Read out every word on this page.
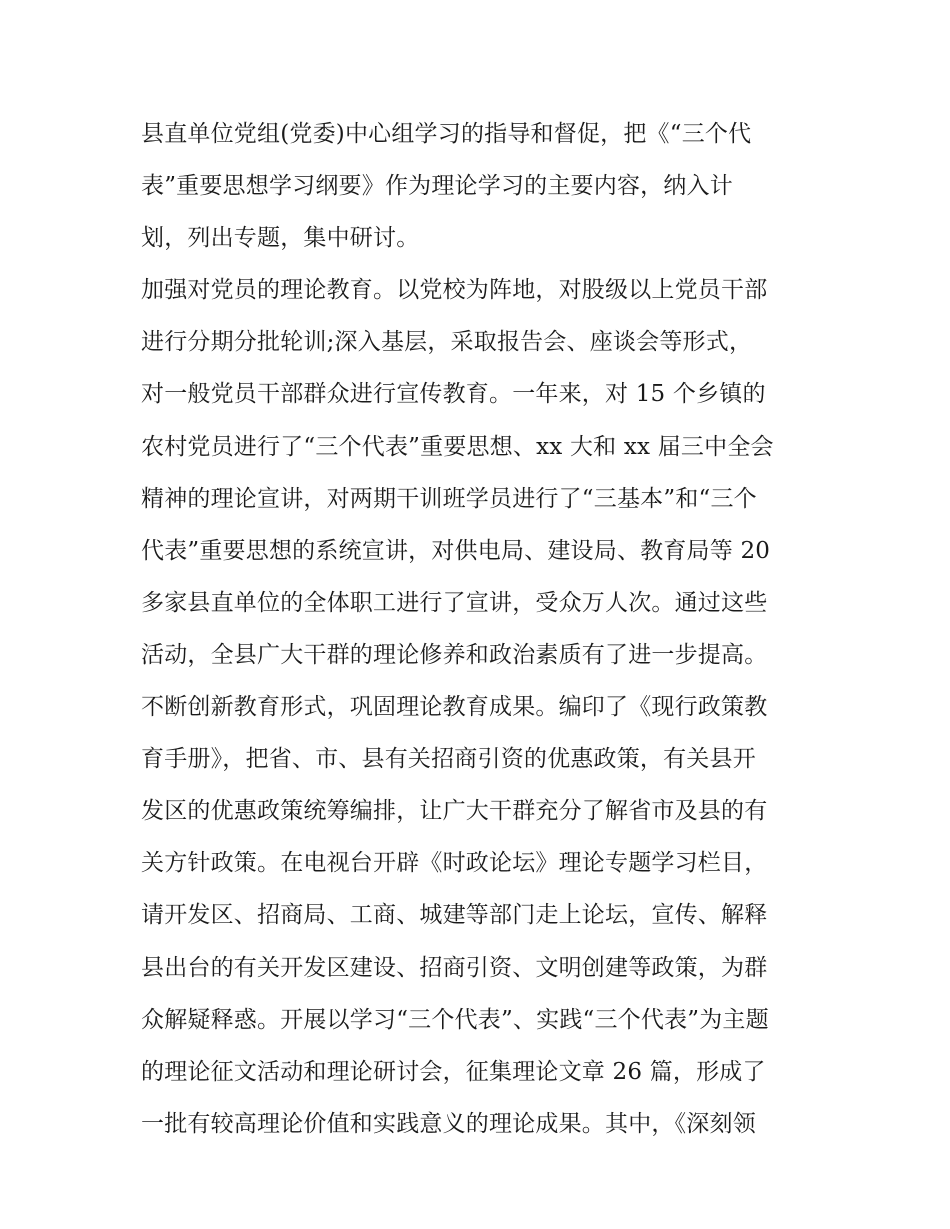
县直单位党组(党委)中心组学习的指导和督促，把《“三个代
表”重要思想学习纲要》作为理论学习的主要内容，纳入计
划，列出专题，集中研讨。
加强对党员的理论教育。以党校为阵地，对股级以上党员干部
进行分期分批轮训;深入基层，采取报告会、座谈会等形式，
对一般党员干部群众进行宣传教育。一年来，对 15 个乡镇的
农村党员进行了“三个代表”重要思想、xx 大和 xx 届三中全会
精神的理论宣讲，对两期干训班学员进行了“三基本”和“三个
代表”重要思想的系统宣讲，对供电局、建设局、教育局等 20
多家县直单位的全体职工进行了宣讲，受众万人次。通过这些
活动，全县广大干群的理论修养和政治素质有了进一步提高。
不断创新教育形式，巩固理论教育成果。编印了《现行政策教
育手册》，把省、市、县有关招商引资的优惠政策，有关县开
发区的优惠政策统筹编排，让广大干群充分了解省市及县的有
关方针政策。在电视台开辟《时政论坛》理论专题学习栏目，
请开发区、招商局、工商、城建等部门走上论坛，宣传、解释
县出台的有关开发区建设、招商引资、文明创建等政策，为群
众解疑释惑。开展以学习“三个代表”、实践“三个代表”为主题
的理论征文活动和理论研讨会，征集理论文章 26 篇，形成了
一批有较高理论价值和实践意义的理论成果。其中，《深刻领
